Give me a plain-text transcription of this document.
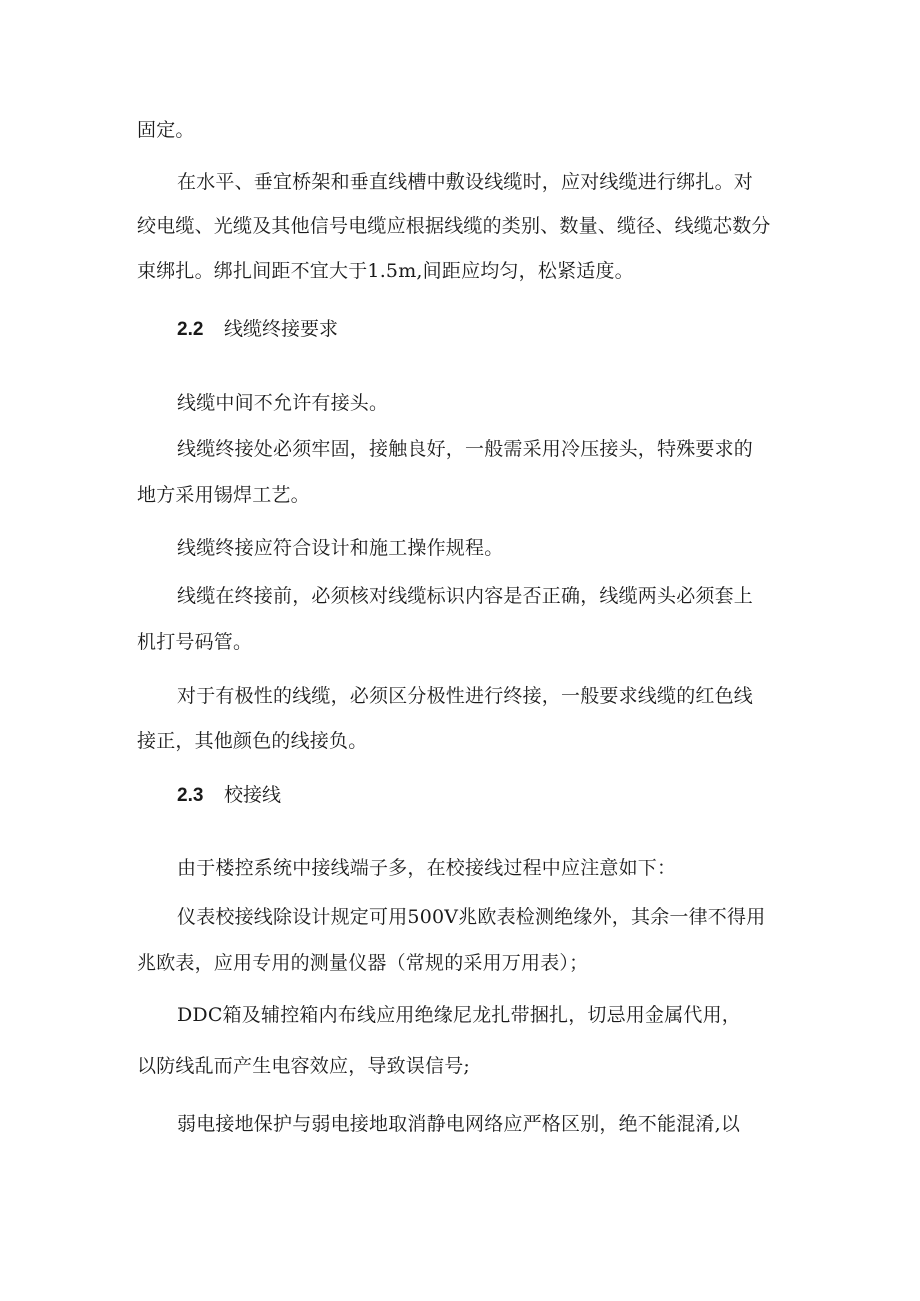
固定。
在水平、垂宜桥架和垂直线槽中敷设线缆时，应对线缆进行绑扎。对
绞电缆、光缆及其他信号电缆应根据线缆的类别、数量、缆径、线缆芯数分
束绑扎。绑扎间距不宜大于1.5m,间距应均匀，松紧适度。
2.2 线缆终接要求
线缆中间不允许有接头。
线缆终接处必须牢固，接触良好，一般需采用冷压接头，特殊要求的
地方采用锡焊工艺。
线缆终接应符合设计和施工操作规程。
线缆在终接前，必须核对线缆标识内容是否正确，线缆两头必须套上
机打号码管。
对于有极性的线缆，必须区分极性进行终接，一般要求线缆的红色线
接正，其他颜色的线接负。
2.3 校接线
由于楼控系统中接线端子多，在校接线过程中应注意如下：
仪表校接线除设计规定可用500V兆欧表检测绝缘外，其余一律不得用
兆欧表，应用专用的测量仪器（常规的采用万用表）；
DDC箱及辅控箱内布线应用绝缘尼龙扎带捆扎，切忌用金属代用，
以防线乱而产生电容效应，导致误信号;
弱电接地保护与弱电接地取消静电网络应严格区别，绝不能混淆,以
